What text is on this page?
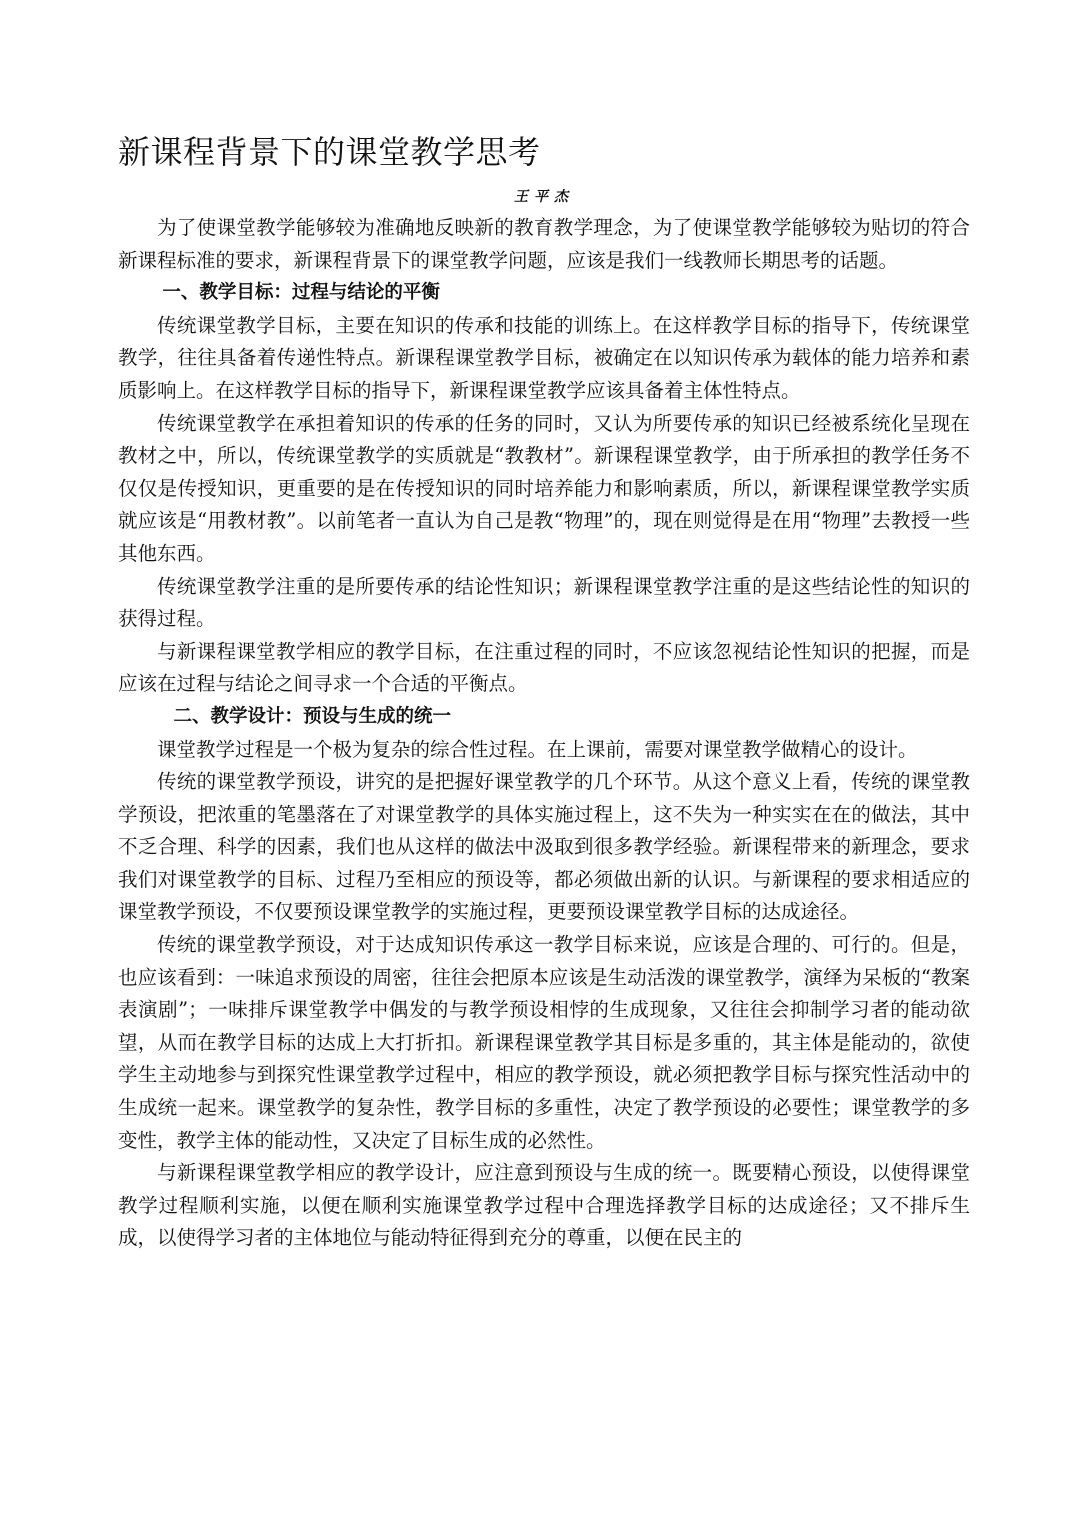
新课程背景下的课堂教学思考

王平杰

为了使课堂教学能够较为准确地反映新的教育教学理念，为了使课堂教学能够较为贴切的符合新课程标准的要求，新课程背景下的课堂教学问题，应该是我们一线教师长期思考的话题。

一、教学目标：过程与结论的平衡

传统课堂教学目标，主要在知识的传承和技能的训练上。在这样教学目标的指导下，传统课堂教学，往往具备着传递性特点。新课程课堂教学目标，被确定在以知识传承为载体的能力培养和素质影响上。在这样教学目标的指导下，新课程课堂教学应该具备着主体性特点。

传统课堂教学在承担着知识的传承的任务的同时，又认为所要传承的知识已经被系统化呈现在教材之中，所以，传统课堂教学的实质就是“教教材”。新课程课堂教学，由于所承担的教学任务不仅仅是传授知识，更重要的是在传授知识的同时培养能力和影响素质，所以，新课程课堂教学实质就应该是“用教材教”。以前笔者一直认为自己是教“物理”的，现在则觉得是在用“物理”去教授一些其他东西。

传统课堂教学注重的是所要传承的结论性知识；新课程课堂教学注重的是这些结论性的知识的获得过程。

与新课程课堂教学相应的教学目标，在注重过程的同时，不应该忽视结论性知识的把握，而是应该在过程与结论之间寻求一个合适的平衡点。

二、教学设计：预设与生成的统一

课堂教学过程是一个极为复杂的综合性过程。在上课前，需要对课堂教学做精心的设计。

传统的课堂教学预设，讲究的是把握好课堂教学的几个环节。从这个意义上看，传统的课堂教学预设，把浓重的笔墨落在了对课堂教学的具体实施过程上，这不失为一种实实在在的做法，其中不乏合理、科学的因素，我们也从这样的做法中汲取到很多教学经验。新课程带来的新理念，要求我们对课堂教学的目标、过程乃至相应的预设等，都必须做出新的认识。与新课程的要求相适应的课堂教学预设，不仅要预设课堂教学的实施过程，更要预设课堂教学目标的达成途径。

传统的课堂教学预设，对于达成知识传承这一教学目标来说，应该是合理的、可行的。但是，也应该看到：一味追求预设的周密，往往会把原本应该是生动活泼的课堂教学，演绎为呆板的“教案表演剧”；一味排斥课堂教学中偶发的与教学预设相悖的生成现象，又往往会抑制学习者的能动欲望，从而在教学目标的达成上大打折扣。新课程课堂教学其目标是多重的，其主体是能动的，欲使学生主动地参与到探究性课堂教学过程中，相应的教学预设，就必须把教学目标与探究性活动中的生成统一起来。课堂教学的复杂性，教学目标的多重性，决定了教学预设的必要性；课堂教学的多变性，教学主体的能动性，又决定了目标生成的必然性。

与新课程课堂教学相应的教学设计，应注意到预设与生成的统一。既要精心预设，以使得课堂教学过程顺利实施，以便在顺利实施课堂教学过程中合理选择教学目标的达成途径；又不排斥生成，以使得学习者的主体地位与能动特征得到充分的尊重，以便在民主的
